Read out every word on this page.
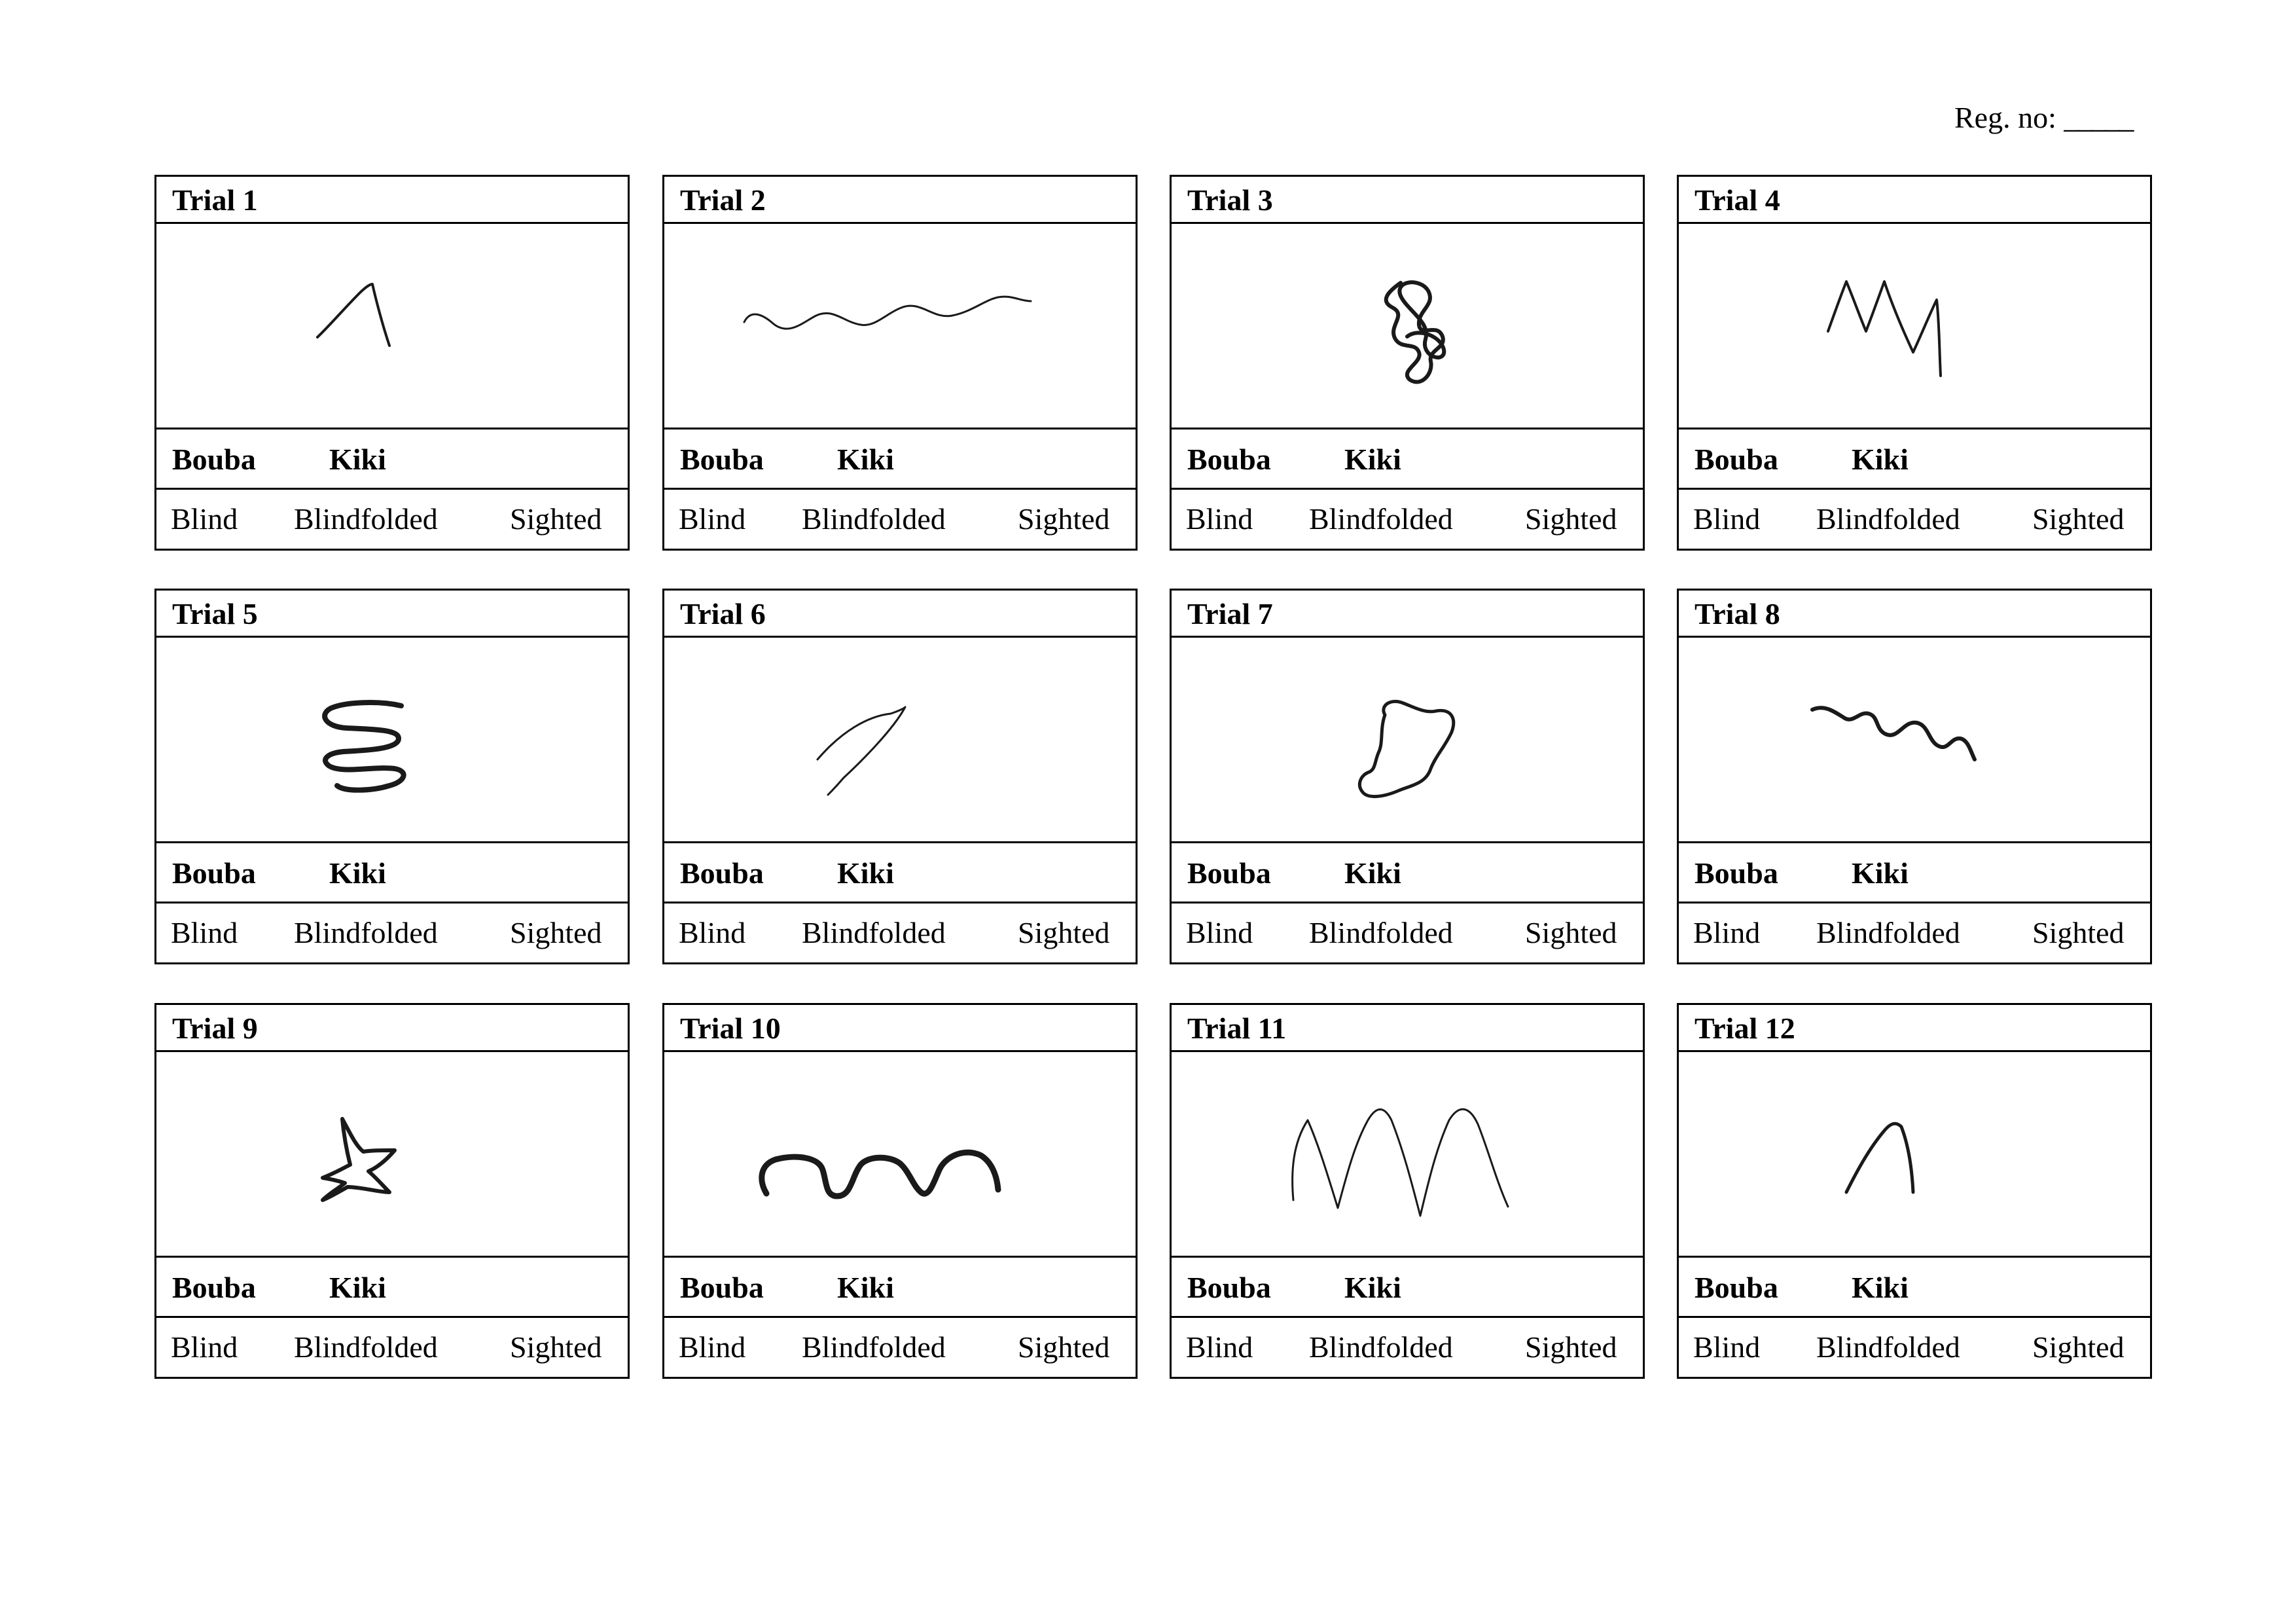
Reg. no: _____
Trial 1
Bouba Kiki
Blind Blindfolded Sighted
Trial 2
Bouba Kiki
Blind Blindfolded Sighted
Trial 3
Bouba Kiki
Blind Blindfolded Sighted
Trial 4
Bouba Kiki
Blind Blindfolded Sighted
Trial 5
Bouba Kiki
Blind Blindfolded Sighted
Trial 6
Bouba Kiki
Blind Blindfolded Sighted
Trial 7
Bouba Kiki
Blind Blindfolded Sighted
Trial 8
Bouba Kiki
Blind Blindfolded Sighted
Trial 9
Bouba Kiki
Blind Blindfolded Sighted
Trial 10
Bouba Kiki
Blind Blindfolded Sighted
Trial 11
Bouba Kiki
Blind Blindfolded Sighted
Trial 12
Bouba Kiki
Blind Blindfolded Sighted
